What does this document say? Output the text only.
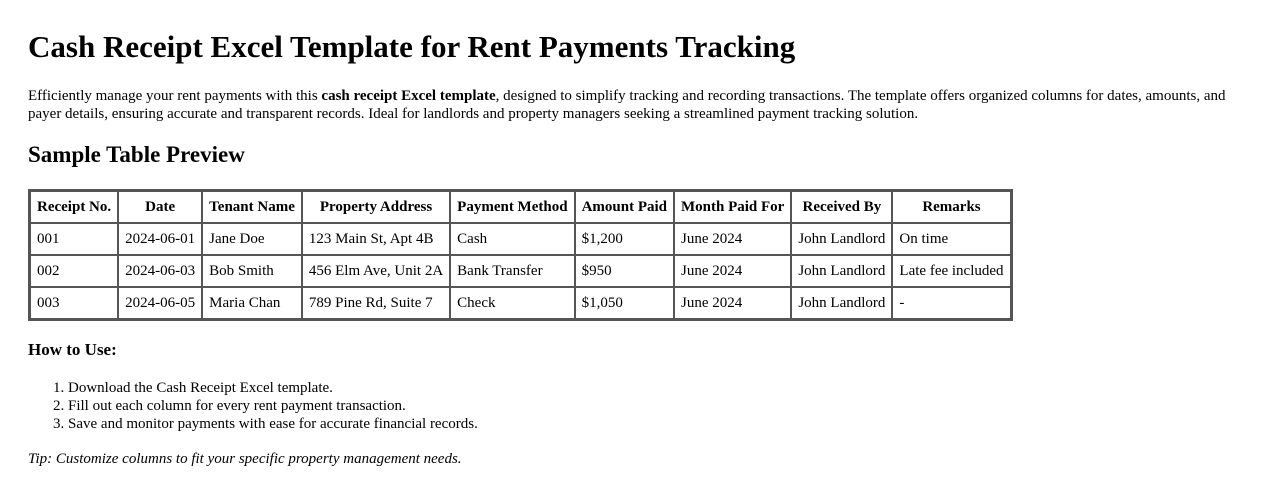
Cash Receipt Excel Template for Rent Payments Tracking

Efficiently manage your rent payments with this cash receipt Excel template, designed to simplify tracking and recording transactions. The template offers organized columns for dates, amounts, and payer details, ensuring accurate and transparent records. Ideal for landlords and property managers seeking a streamlined payment tracking solution.

Sample Table Preview
Receipt No.	Date	Tenant Name	Property Address	Payment Method	Amount Paid	Month Paid For	Received By	Remarks
001	2024-06-01	Jane Doe	123 Main St, Apt 4B	Cash	$1,200	June 2024	John Landlord	On time
002	2024-06-03	Bob Smith	456 Elm Ave, Unit 2A	Bank Transfer	$950	June 2024	John Landlord	Late fee included
003	2024-06-05	Maria Chan	789 Pine Rd, Suite 7	Check	$1,050	June 2024	John Landlord	-
How to Use:
1. Download the Cash Receipt Excel template.
2. Fill out each column for every rent payment transaction.
3. Save and monitor payments with ease for accurate financial records.

Tip: Customize columns to fit your specific property management needs.
